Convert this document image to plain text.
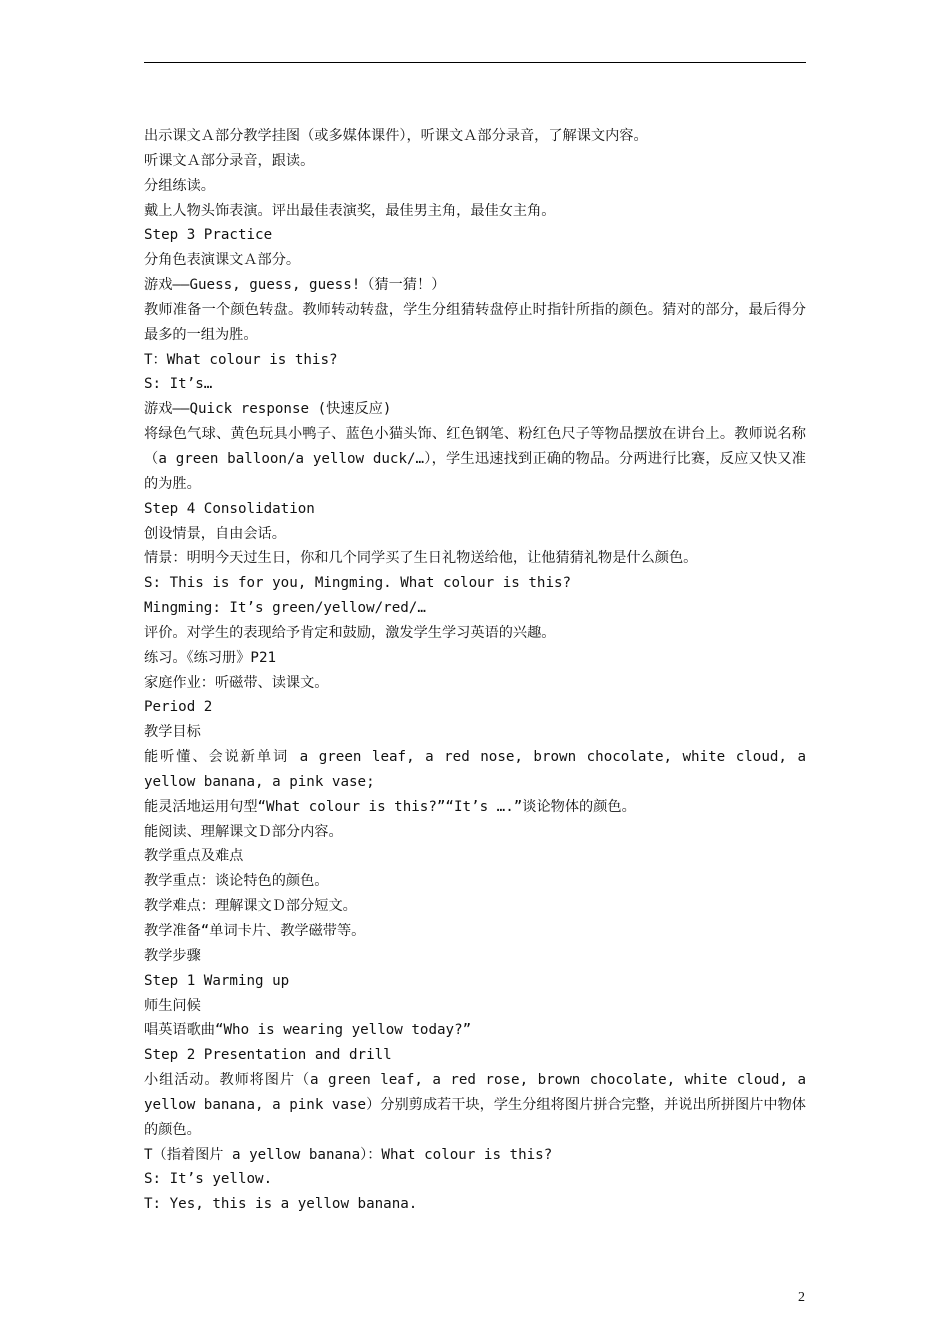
出示课文Ａ部分教学挂图（或多媒体课件），听课文Ａ部分录音，了解课文内容。

听课文Ａ部分录音，跟读。

分组练读。

戴上人物头饰表演。评出最佳表演奖，最佳男主角，最佳女主角。

Step 3 Practice

分角色表演课文Ａ部分。

游戏——Guess, guess, guess!（猜一猜！）

教师准备一个颜色转盘。教师转动转盘，学生分组猜转盘停止时指针所指的颜色。猜对的部分，最后得分最多的一组为胜。

T：What colour is this?

S: It’s…

游戏——Quick response (快速反应)

将绿色气球、黄色玩具小鸭子、蓝色小猫头饰、红色钢笔、粉红色尺子等物品摆放在讲台上。教师说名称（a green balloon/a yellow duck/…），学生迅速找到正确的物品。分两进行比赛，反应又快又准的为胜。

Step 4 Consolidation

创设情景，自由会话。

情景：明明今天过生日，你和几个同学买了生日礼物送给他，让他猜猜礼物是什么颜色。

S: This is for you, Mingming. What colour is this?

Mingming: It’s green/yellow/red/…

评价。对学生的表现给予肯定和鼓励，激发学生学习英语的兴趣。

练习。《练习册》P21

家庭作业：听磁带、读课文。

Period 2

教学目标

能听懂、会说新单词 a green leaf, a red nose, brown chocolate, white cloud, a yellow banana, a pink vase;

能灵活地运用句型“What colour is this?”“It’s ….”谈论物体的颜色。

能阅读、理解课文Ｄ部分内容。

教学重点及难点

教学重点：谈论特色的颜色。

教学难点：理解课文Ｄ部分短文。

教学准备“单词卡片、教学磁带等。

教学步骤

Step 1 Warming up

师生问候

唱英语歌曲“Who is wearing yellow today?”

Step 2 Presentation and drill

小组活动。教师将图片（a green leaf, a red rose, brown chocolate, white cloud, a yellow banana, a pink vase）分别剪成若干块，学生分组将图片拼合完整，并说出所拼图片中物体的颜色。

T（指着图片 a yellow banana）：What colour is this?

S: It’s yellow.

T: Yes, this is a yellow banana.

2
